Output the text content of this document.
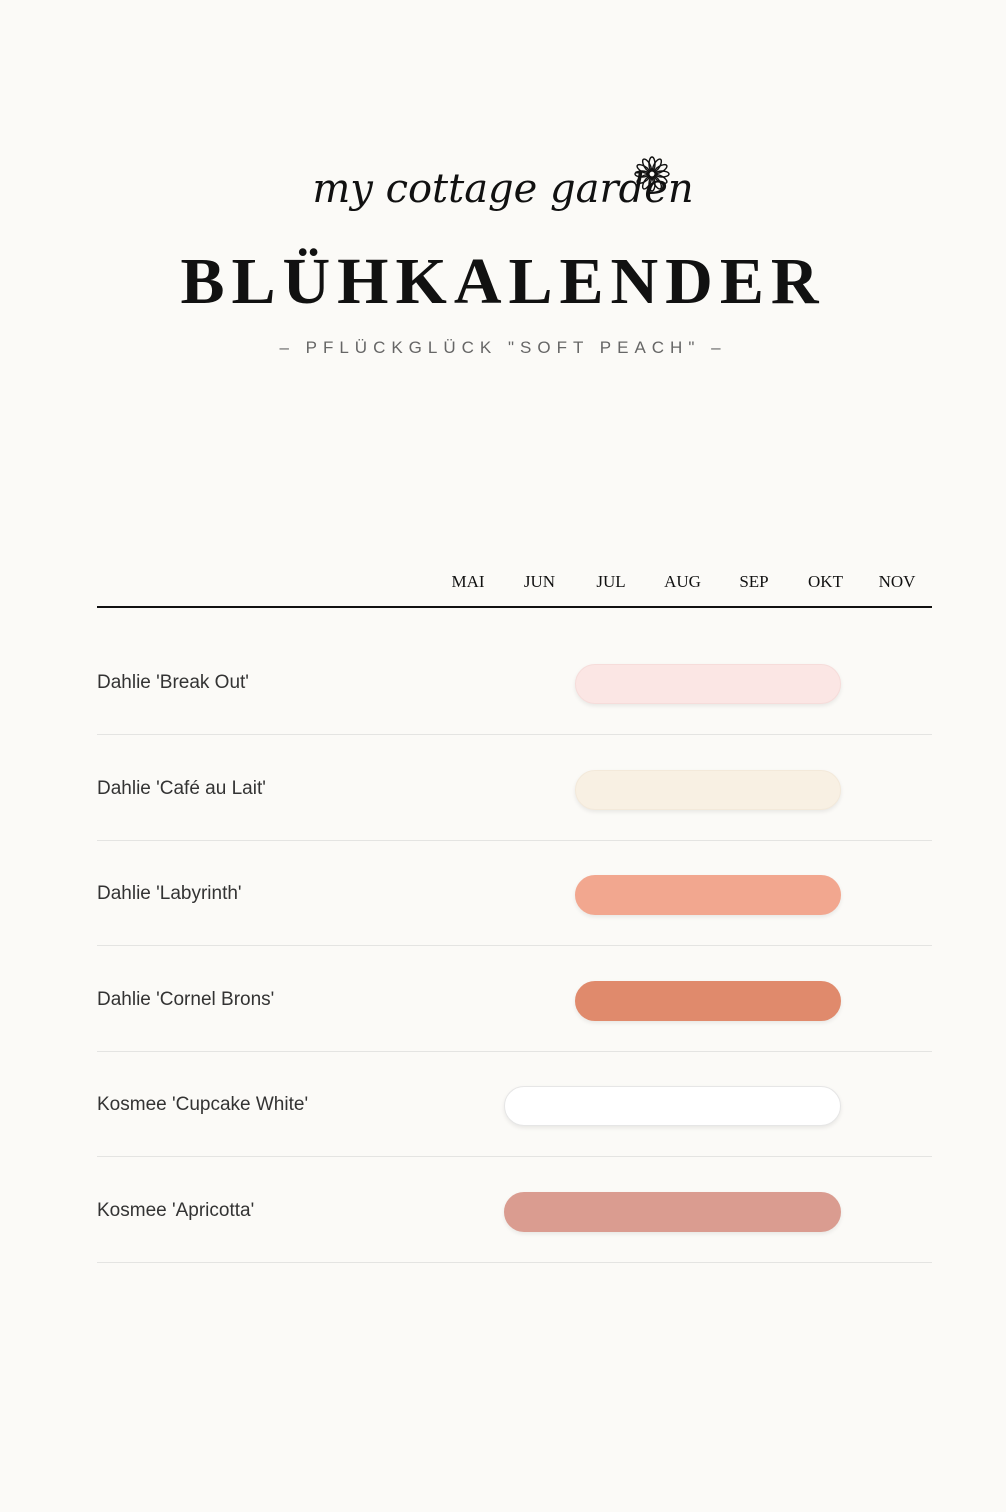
my cottage garden
BLÜHKALENDER
– PFLÜCKGLÜCK "SOFT PEACH" –
MAI	JUN	JUL	AUG	SEP	OKT	NOV
Dahlie 'Break Out'
Dahlie 'Café au Lait'
Dahlie 'Labyrinth'
Dahlie 'Cornel Brons'
Kosmee 'Cupcake White'
Kosmee 'Apricotta'
